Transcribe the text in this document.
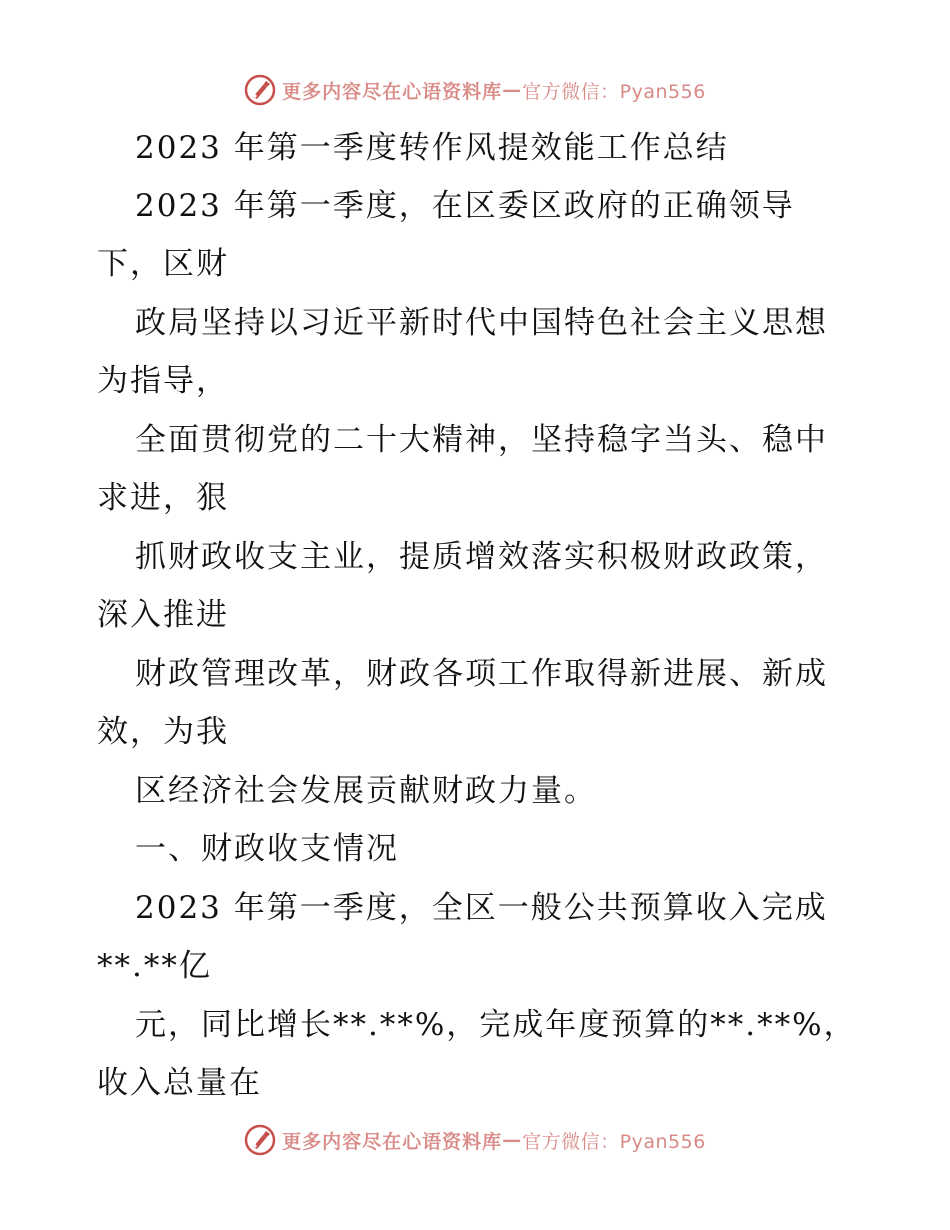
更多内容尽在心语资料库 — 官方微信：Pyan556
2023 年第一季度转作风提效能工作总结
2023 年第一季度，在区委区政府的正确领导
下，区财
政局坚持以习近平新时代中国特色社会主义思想
为指导，
全面贯彻党的二十大精神，坚持稳字当头、稳中
求进，狠
抓财政收支主业，提质增效落实积极财政政策，
深入推进
财政管理改革，财政各项工作取得新进展、新成
效，为我
区经济社会发展贡献财政力量。
一、财政收支情况
2023 年第一季度，全区一般公共预算收入完成
**.**亿
元，同比增长**.**%，完成年度预算的**.**%，
收入总量在
更多内容尽在心语资料库 — 官方微信：Pyan556
